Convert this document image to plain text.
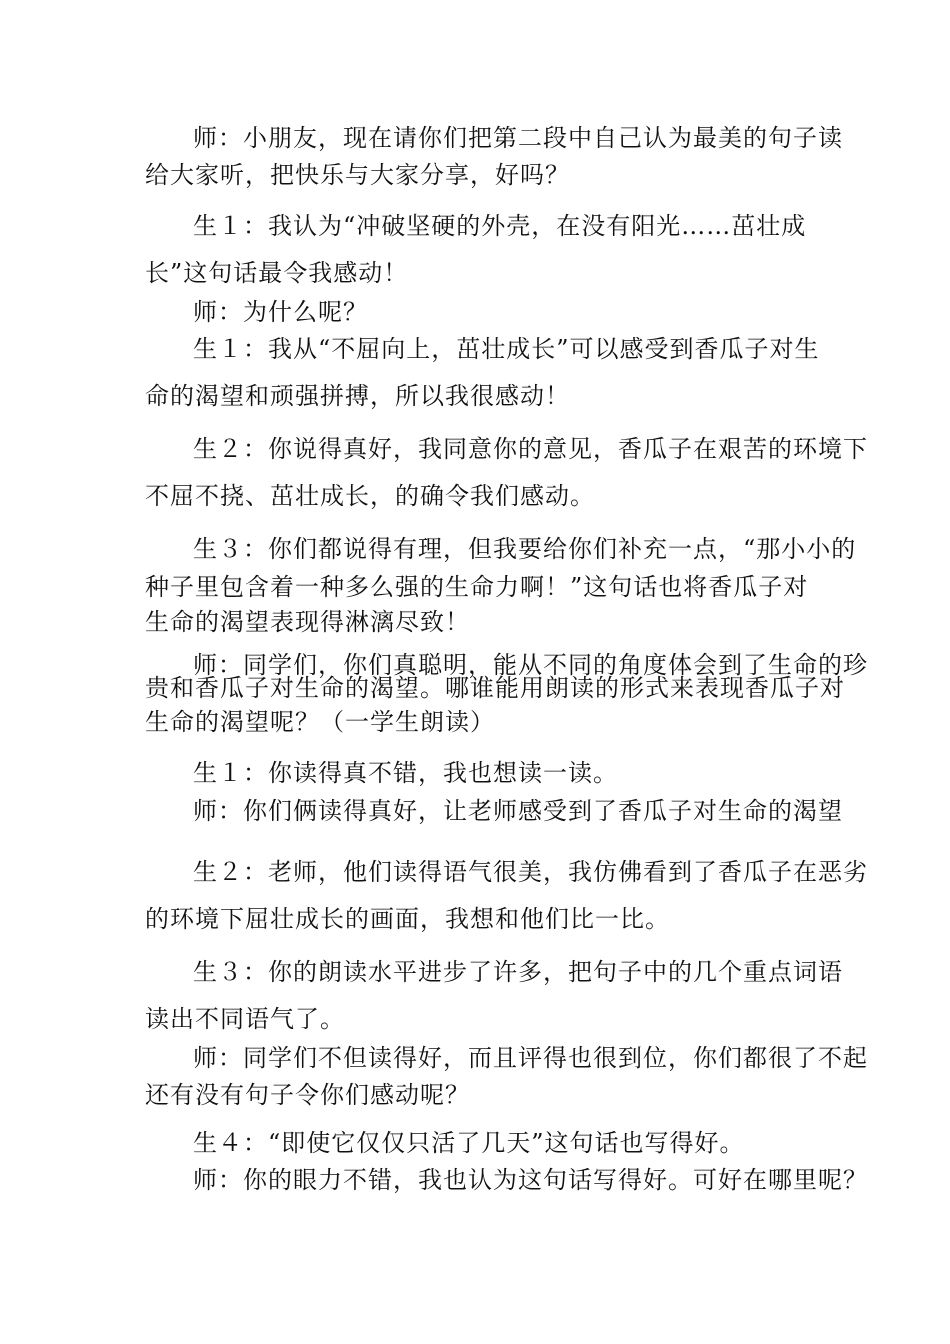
师：小朋友，现在请你们把第二段中自己认为最美的句子读
给大家听，把快乐与大家分享，好吗？
生１：我认为“冲破坚硬的外壳，在没有阳光……茁壮成
长”这句话最令我感动！
师：为什么呢？
生１：我从“不屈向上，茁壮成长”可以感受到香瓜子对生
命的渴望和顽强拼搏，所以我很感动！
生２：你说得真好，我同意你的意见，香瓜子在艰苦的环境下
不屈不挠、茁壮成长，的确令我们感动。
生３：你们都说得有理，但我要给你们补充一点，“那小小的
种子里包含着一种多么强的生命力啊！”这句话也将香瓜子对
生命的渴望表现得淋漓尽致！
师：同学们，你们真聪明，能从不同的角度体会到了生命的珍
贵和香瓜子对生命的渴望。哪谁能用朗读的形式来表现香瓜子对
生命的渴望呢？（一学生朗读）
生１：你读得真不错，我也想读一读。
师：你们俩读得真好，让老师感受到了香瓜子对生命的渴望
生２：老师，他们读得语气很美，我仿佛看到了香瓜子在恶劣
的环境下屈壮成长的画面，我想和他们比一比。
生３：你的朗读水平进步了许多，把句子中的几个重点词语
读出不同语气了。
师：同学们不但读得好，而且评得也很到位，你们都很了不起
还有没有句子令你们感动呢？
生４：“即使它仅仅只活了几天”这句话也写得好。
师：你的眼力不错，我也认为这句话写得好。可好在哪里呢？
